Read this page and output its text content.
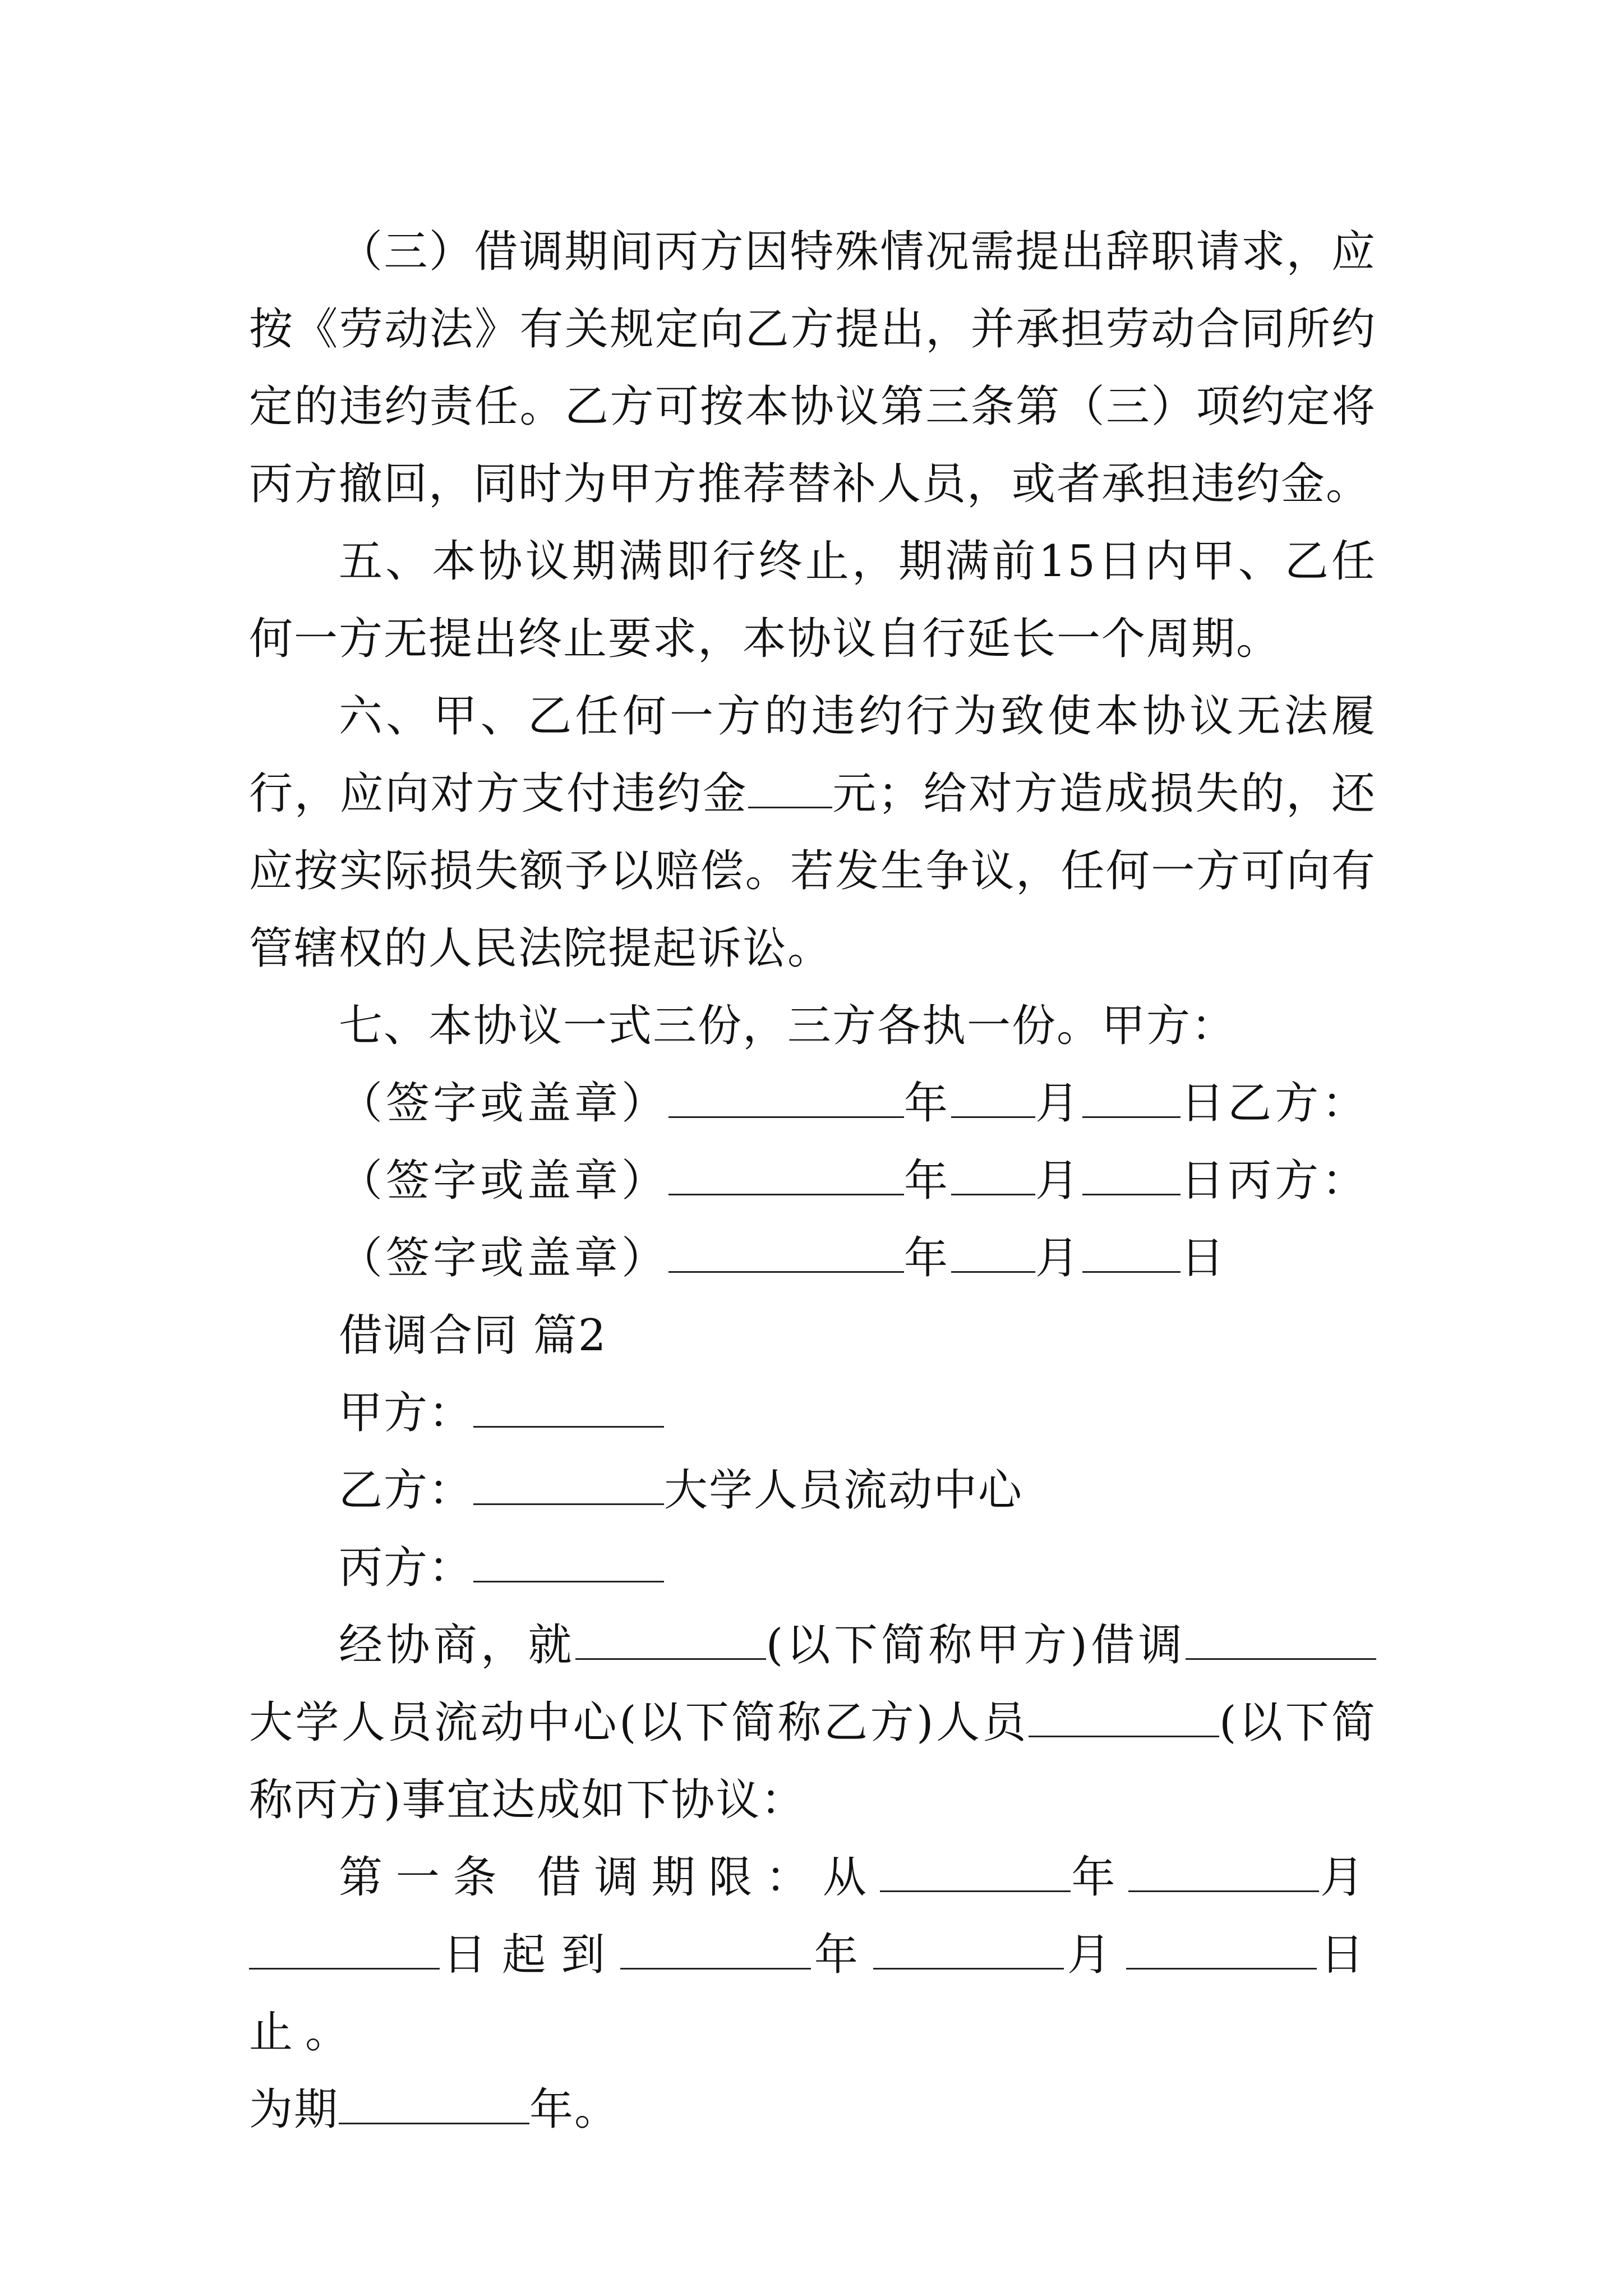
（三）借调期间丙方因特殊情况需提出辞职请求，应按《劳动法》有关规定向乙方提出，并承担劳动合同所约定的违约责任。乙方可按本协议第三条第（三）项约定将丙方撤回，同时为甲方推荐替补人员，或者承担违约金。

五、本协议期满即行终止，期满前15日内甲、乙任何一方无提出终止要求，本协议自行延长一个周期。

六、甲、乙任何一方的违约行为致使本协议无法履行，应向对方支付违约金 元；给对方造成损失的，还应按实际损失额予以赔偿。若发生争议，任何一方可向有管辖权的人民法院提起诉讼。

七、本协议一式三份，三方各执一份。甲方：

（签字或盖章）	年 月 日乙方：

（签字或盖章）	年 月 日丙方：

（签字或盖章）	年 月 日

借调合同 篇2

甲方：

乙方：	大学人员流动中心

丙方：

经协商，就	(以下简称甲方)借调大学人员流动中心(以下简称乙方)人员	(以下简称丙方)事宜达成如下协议：

第一条 借调期限：从	年	月日起到	年	月	日止。

为期	年。
